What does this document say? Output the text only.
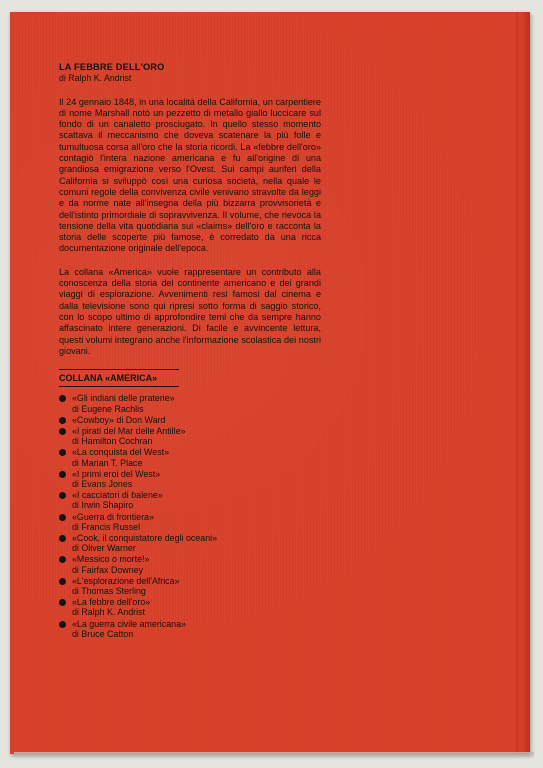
LA FEBBRE DELL'ORO
di Ralph K. Andrist

Il 24 gennaio 1848, in una località della California, un carpentiere di nome Marshall notò un pezzetto di metallo giallo luccicare sul fondo di un canaletto prosciugato. In quello stesso momento scattava il meccanismo che doveva scatenare la più folle e tumultuosa corsa all'oro che la storia ricordi. La «febbre dell'oro» contagiò l'intera nazione americana e fu all'origine di una grandiosa emigrazione verso l'Ovest. Sui campi auriferi della California si sviluppò così una curiosa società, nella quale le comuni regole della convivenza civile venivano stravolte da leggi e da norme nate all'insegna della più bizzarra provvisorietà e dell'istinto primordiale di sopravvivenza. Il volume, che rievoca la tensione della vita quotidiana sui «claims» dell'oro e racconta la storia delle scoperte più famose, è corredato da una ricca documentazione originale dell'epoca.

La collana «America» vuole rappresentare un contributo alla conoscenza della storia del continente americano e dei grandi viaggi di esplorazione. Avvenimenti resi famosi dal cinema e dalla televisione sono qui ripresi sotto forma di saggio storico, con lo scopo ultimo di approfondire temi che da sempre hanno affascinato intere generazioni. Di facile e avvincente lettura, questi volumi integrano anche l'informazione scolastica dei nostri giovani.

COLLANA «AMERICA»
«Gli indiani delle praterie»
di Eugene Rachlis
«Cowboy» di Don Ward
«I pirati del Mar delle Antille»
di Hamilton Cochran
«La conquista del West»
di Marian T. Place
«I primi eroi del West»
di Evans Jones
«I cacciatori di balene»
di Irwin Shapiro
«Guerra di frontiera»
di Francis Russel
«Cook, il conquistatore degli oceani» di Oliver Warner
«Messico o morte!»
di Fairfax Downey
«L'esplorazione dell'Africa»
di Thomas Sterling
«La febbre dell'oro»
di Ralph K. Andrist
«La guerra civile americana»
di Bruce Catton
